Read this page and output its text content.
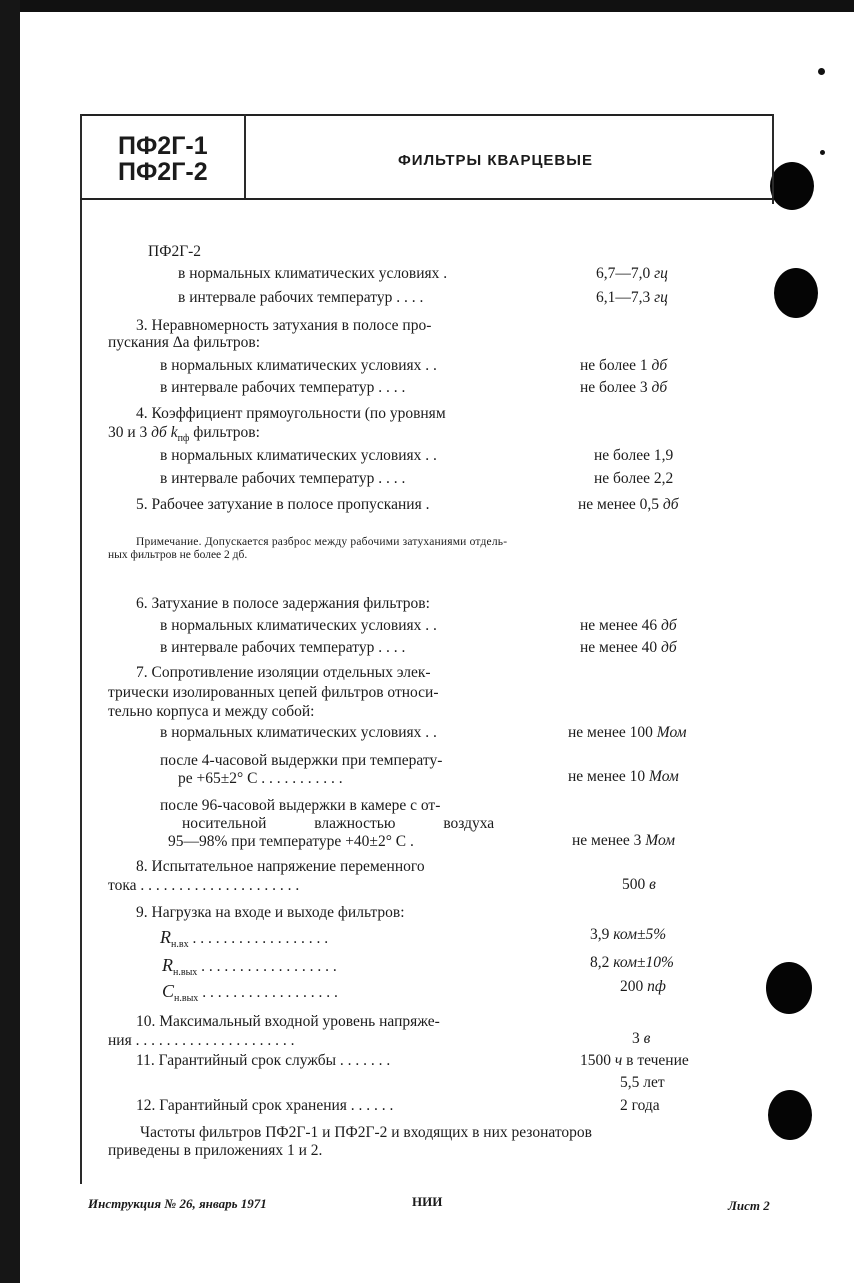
ПФ2Г-1
ПФ2Г-2	ФИЛЬТРЫ КВАРЦЕВЫЕ
ПФ2Г-2
в нормальных климатических условиях .	6,7—7,0 гц
в интервале рабочих температур . . . .	6,1—7,3 гц
3. Неравномерность затухания в полосе про-
пускания Δa фильтров:
в нормальных климатических условиях . .	не более 1 дб
в интервале рабочих температур . . . .	не более 3 дб
4. Коэффициент прямоугольности (по уровням
30 и 3 дб $k_{пф}$ фильтров:
в нормальных климатических условиях . .	не более 1,9
в интервале рабочих температур . . . .	не более 2,2
5. Рабочее затухание в полосе пропускания .	не менее 0,5 дб
Примечание. Допускается разброс между рабочими затуханиями отдель-
ных фильтров не более 2 дб.
6. Затухание в полосе задержания фильтров:
в нормальных климатических условиях . .	не менее 46 дб
в интервале рабочих температур . . . .	не менее 40 дб
7. Сопротивление изоляции отдельных элек-
трически изолированных цепей фильтров относи-
тельно корпуса и между собой:
в нормальных климатических условиях . .	не менее 100 Мом
после 4-часовой выдержки при температу-
ре +65±2° С . . . . . . . . . . .	не менее 10 Мом
после 96-часовой выдержки в камере с от-
носительной влажностью воздуха
95—98% при температуре +40±2° С .	не менее 3 Мом
8. Испытательное напряжение переменного
тока . . . . . . . . . . . . . . . . . . . . .	500 в
9. Нагрузка на входе и выходе фильтров:
$R_{н.вх}$ . . . . . . . . . . . . . . . . . .	3,9 ком±5%
$R_{н.вых}$ . . . . . . . . . . . . . . . . . .	8,2 ком±10%
$C_{н.вых}$ . . . . . . . . . . . . . . . . . .	200 пф
10. Максимальный входной уровень напряже-
ния . . . . . . . . . . . . . . . . . . . . .	3 в
11. Гарантийный срок службы . . . . . . .	1500 ч в течение
5,5 лет
12. Гарантийный срок хранения . . . . . .	2 года
Частоты фильтров ПФ2Г-1 и ПФ2Г-2 и входящих в них резонаторов
приведены в приложениях 1 и 2.
Инструкция № 26, январь 1971	НИИ	Лист 2
